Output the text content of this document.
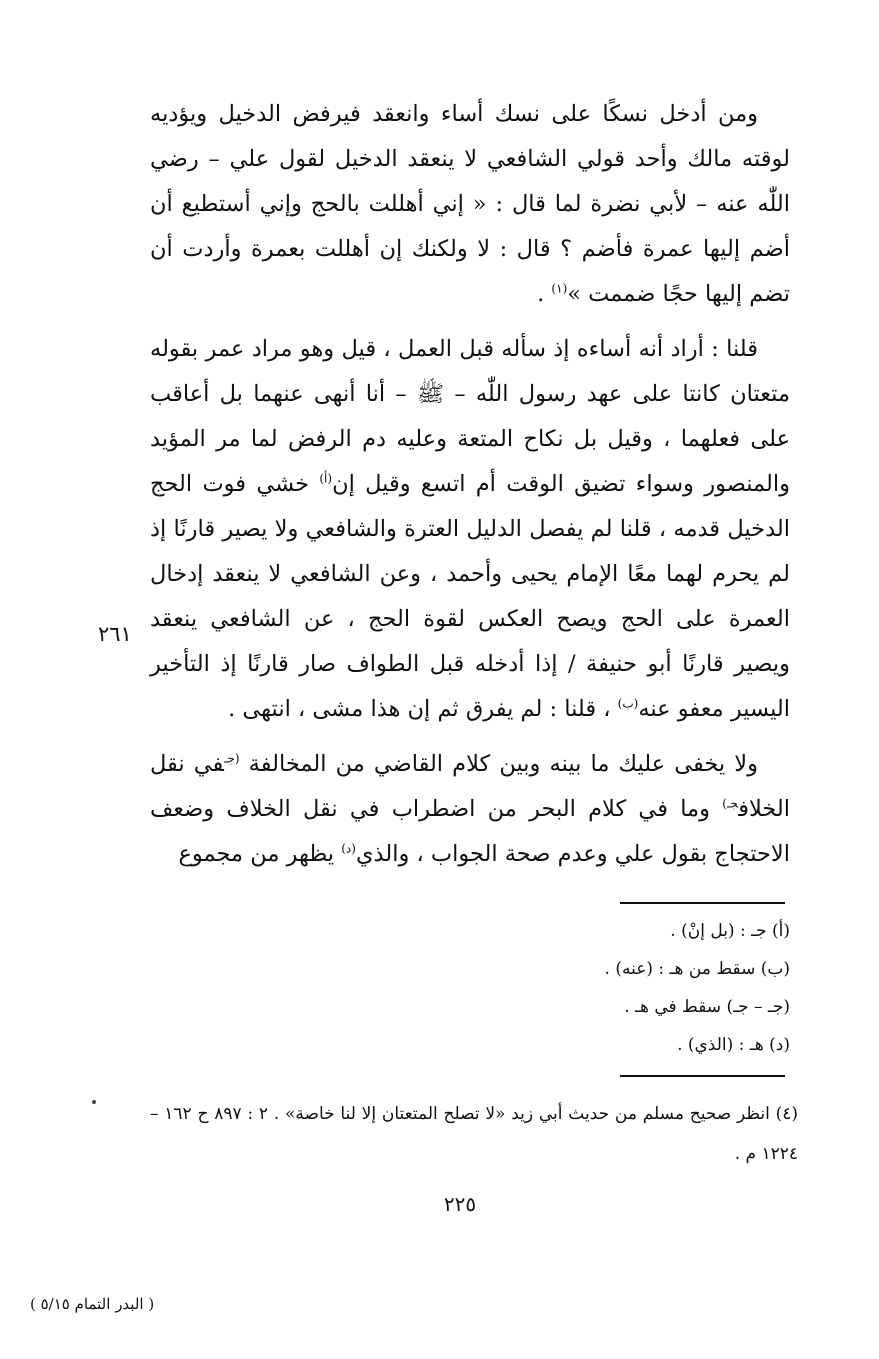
ومن أدخل نسكًا على نسك أساء وانعقد فيرفض الدخيل ويؤديه لوقته مالك وأحد قولي الشافعي لا ينعقد الدخيل لقول علي – رضي اللّٰه عنه – لأبي نضرة لما قال : « إني أهللت بالحج وإني أستطيع أن أضم إليها عمرة فأضم ؟ قال : لا ولكنك إن أهللت بعمرة وأردت أن تضم إليها حجًا ضممت »$^{(١)}$ .

قلنا : أراد أنه أساءه إذ سأله قبل العمل ، قيل وهو مراد عمر بقوله متعتان كانتا على عهد رسول اللّٰه – ﷺ – أنا أنهى عنهما بل أعاقب على فعلهما ، وقيل بل نكاح المتعة وعليه دم الرفض لما مر المؤيد والمنصور وسواء تضيق الوقت أم اتسع وقيل إن$^{(أ)}$ خشي فوت الحج الدخيل قدمه ، قلنا لم يفصل الدليل العترة والشافعي ولا يصير قارنًا إذ لم يحرم لهما معًا الإمام يحيى وأحمد ، وعن الشافعي لا ينعقد إدخال العمرة على الحج ويصح العكس لقوة الحج ، عن الشافعي ينعقد ويصير قارنًا أبو حنيفة / إذا أدخله قبل الطواف صار قارنًا إذ التأخير اليسير معفو عنه$^{(ب)}$ ، قلنا : لم يفرق ثم إن هذا مشى ، انتهى .

ولا يخفى عليك ما بينه وبين كلام القاضي من المخالفة $^{(جـ}$في نقل الخلاف$^{جـ)}$ وما في كلام البحر من اضطراب في نقل الخلاف وضعف الاحتجاج بقول علي وعدم صحة الجواب ، والذي$^{(د)}$ يظهر من مجموع

٢٦١
(أ) جـ : (بل إنْ) .
(ب) سقط من هـ : (عنه) .
(جـ – جـ) سقط في هـ .
(د) هـ : (الذي) .
(٤) انظر صحيح مسلم من حديث أبي زيد «لا تصلح المتعتان إلا لنا خاصة» . ٢ : ٨٩٧ ح ١٦٢ – ١٢٢٤ م .
٢٢٥
( البدر التمام ٥/١٥ )
